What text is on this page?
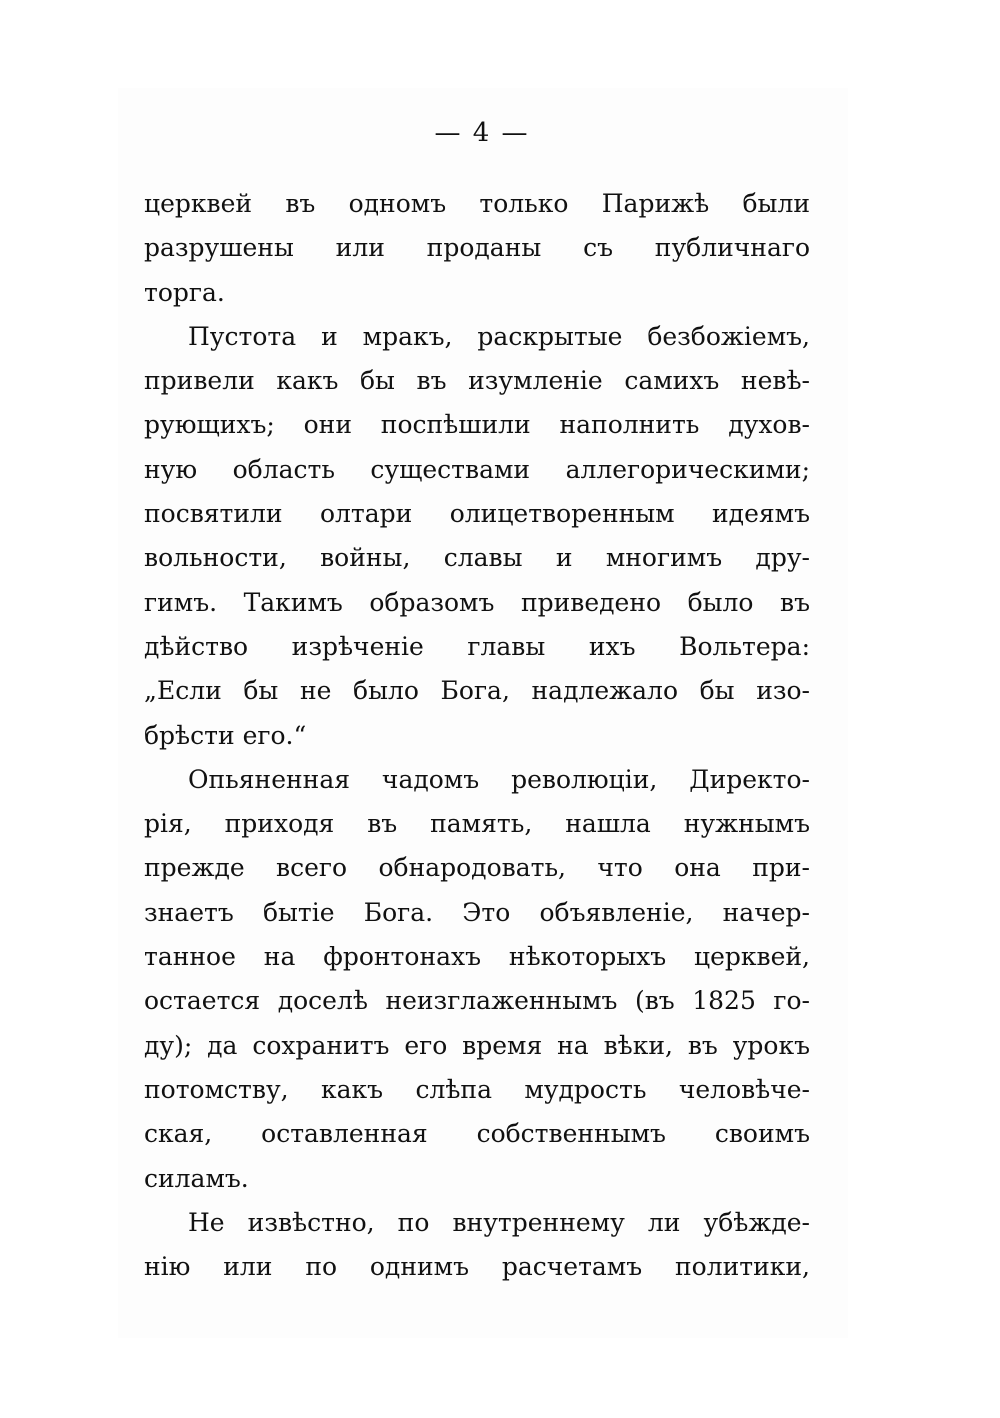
— 4 —
церквей въ одномъ только Парижѣ были
разрушены или проданы съ публичнаго
торга.
Пустота и мракъ, раскрытые безбожіемъ,
привели какъ бы въ изумленіе самихъ невѣ-
рующихъ; они поспѣшили наполнить духов-
ную область существами аллегорическими;
посвятили олтари олицетворенным идеямъ
вольности, войны, славы и многимъ дру-
гимъ. Такимъ образомъ приведено было въ
дѣйство изрѣченіе главы ихъ Вольтера:
„Если бы не было Бога, надлежало бы изо-
брѣсти его.“
Опьяненная чадомъ революціи, Директо-
рія, приходя въ память, нашла нужнымъ
прежде всего обнародовать, что она при-
знаетъ бытіе Бога. Это объявленіе, начер-
танное на фронтонахъ нѣкоторыхъ церквей,
остается доселѣ неизглаженнымъ (въ 1825 го-
ду); да сохранитъ его время на вѣки, въ урокъ
потомству, какъ слѣпа мудрость человѣче-
ская, оставленная собственнымъ своимъ
силамъ.
Не извѣстно, по внутреннему ли убѣжде-
нію или по однимъ расчетамъ политики,
